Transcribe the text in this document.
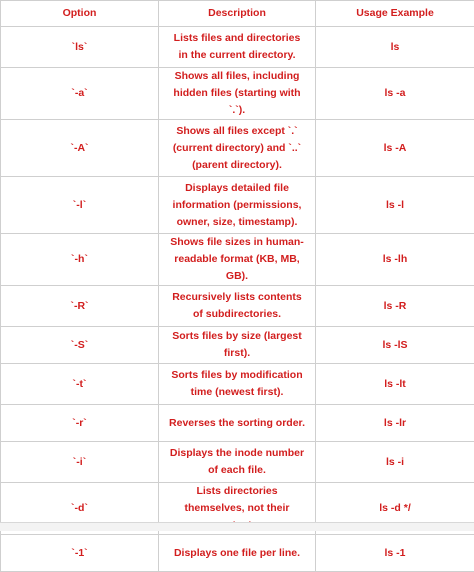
Option	Description	Usage Example
`ls`	Lists files and directories in the current directory.	ls
`-a`	Shows all files, including hidden files (starting with `.`).	ls -a
`-A`	Shows all files except `.` (current directory) and `..` (parent directory).	ls -A
`-l`	Displays detailed file information (permissions, owner, size, timestamp).	ls -l
`-h`	Shows file sizes in human-readable format (KB, MB, GB).	ls -lh
`-R`	Recursively lists contents of subdirectories.	ls -R
`-S`	Sorts files by size (largest first).	ls -lS
`-t`	Sorts files by modification time (newest first).	ls -lt
`-r`	Reverses the sorting order.	ls -lr
`-i`	Displays the inode number of each file.	ls -i
`-d`	Lists directories themselves, not their	ls -d */
`-1`	Displays one file per line.	ls -1
